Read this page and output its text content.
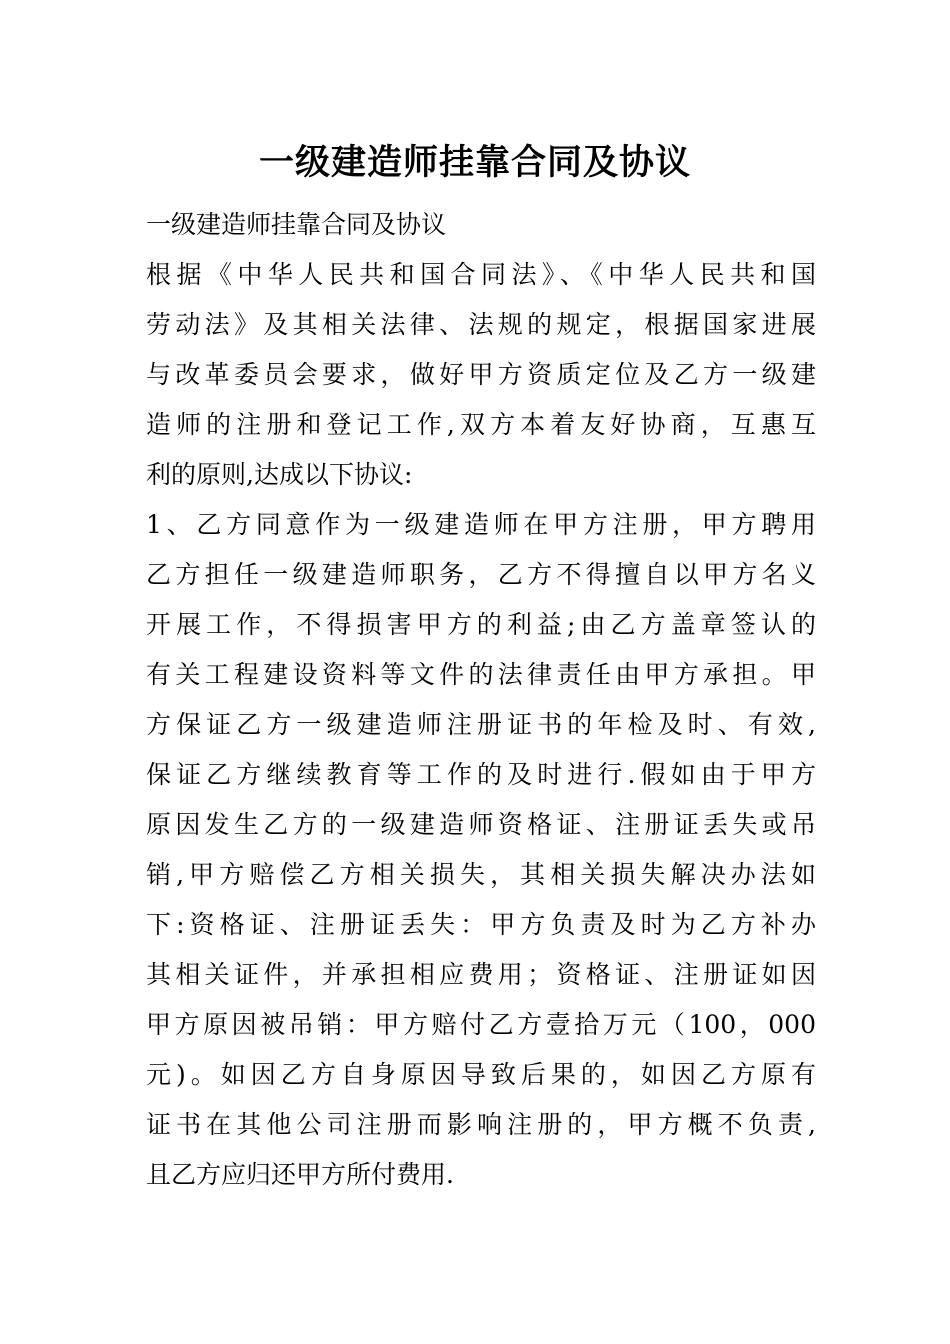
一级建造师挂靠合同及协议
一级建造师挂靠合同及协议
根据《中华人民共和国合同法》、《中华人民共和国
劳动法》及其相关法律、法规的规定，根据国家进展
与改革委员会要求，做好甲方资质定位及乙方一级建
造师的注册和登记工作,双方本着友好协商，互惠互
利的原则,达成以下协议:
1、乙方同意作为一级建造师在甲方注册，甲方聘用
乙方担任一级建造师职务，乙方不得擅自以甲方名义
开展工作，不得损害甲方的利益;由乙方盖章签认的
有关工程建设资料等文件的法律责任由甲方承担。甲
方保证乙方一级建造师注册证书的年检及时、有效,
保证乙方继续教育等工作的及时进行.假如由于甲方
原因发生乙方的一级建造师资格证、注册证丢失或吊
销,甲方赔偿乙方相关损失，其相关损失解决办法如
下:资格证、注册证丢失：甲方负责及时为乙方补办
其相关证件，并承担相应费用；资格证、注册证如因
甲方原因被吊销：甲方赔付乙方壹拾万元（100，000
元)。如因乙方自身原因导致后果的，如因乙方原有
证书在其他公司注册而影响注册的，甲方概不负责,
且乙方应归还甲方所付费用.
